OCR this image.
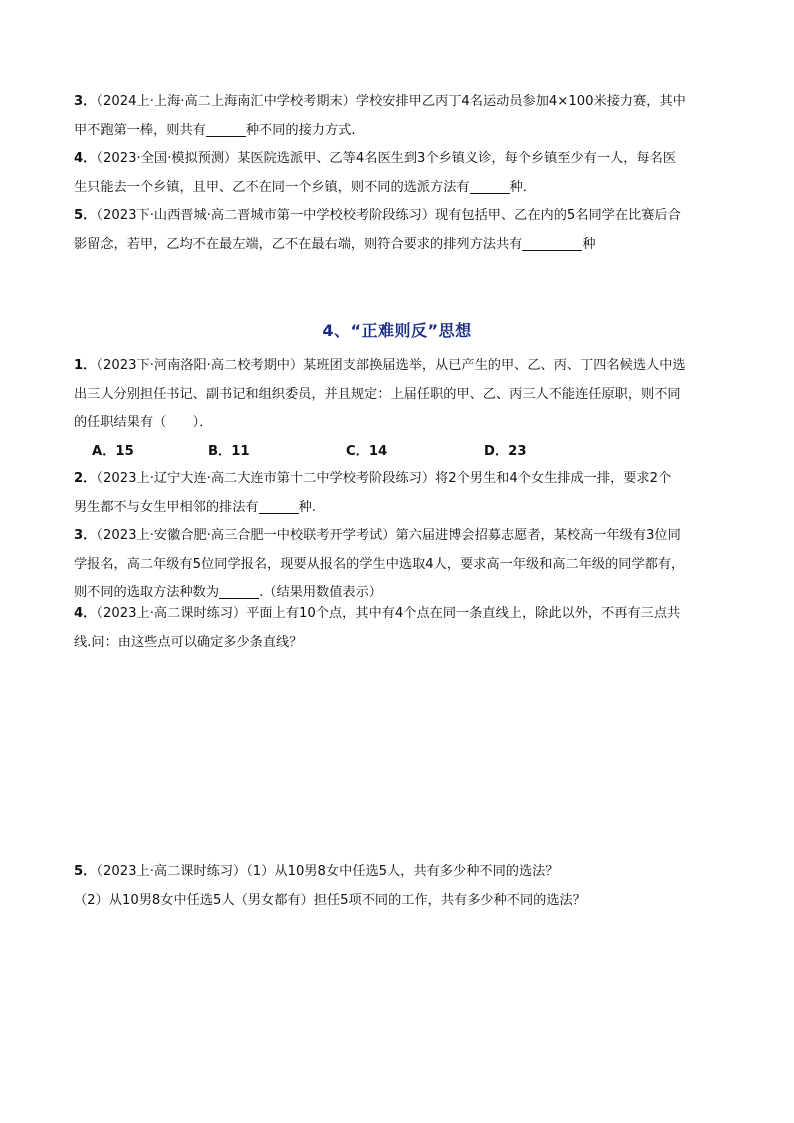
3．（2024上·上海·高二上海南汇中学校考期末）学校安排甲乙丙丁4名运动员参加4×100米接力赛，其中
甲不跑第一棒，则共有	种不同的接力方式.
4．（2023·全国·模拟预测）某医院选派甲、乙等4名医生到3个乡镇义诊，每个乡镇至少有一人，每名医
生只能去一个乡镇，且甲、乙不在同一个乡镇，则不同的选派方法有	种．
5．（2023下·山西晋城·高二晋城市第一中学校校考阶段练习）现有包括甲、乙在内的5名同学在比赛后合
影留念，若甲，乙均不在最左端，乙不在最右端，则符合要求的排列方法共有	种
4、“正难则反”思想
1．（2023下·河南洛阳·高二校考期中）某班团支部换届选举，从已产生的甲、乙、丙、丁四名候选人中选
出三人分别担任书记、副书记和组织委员，并且规定：上届任职的甲、乙、丙三人不能连任原职，则不同
的任职结果有（　　）．
A．15	B．11	C．14	D．23
2．（2023上·辽宁大连·高二大连市第十二中学校考阶段练习）将2个男生和4个女生排成一排，要求2个
男生都不与女生甲相邻的排法有	种.
3．（2023上·安徽合肥·高三合肥一中校联考开学考试）第六届进博会招募志愿者，某校高一年级有3位同
学报名，高二年级有5位同学报名，现要从报名的学生中选取4人，要求高一年级和高二年级的同学都有，
则不同的选取方法种数为	.（结果用数值表示）
4．（2023上·高二课时练习）平面上有10个点，其中有4个点在同一条直线上，除此以外，不再有三点共
线.问：由这些点可以确定多少条直线？
5．（2023上·高二课时练习）（1）从10男8女中任选5人，共有多少种不同的选法？
（2）从10男8女中任选5人（男女都有）担任5项不同的工作，共有多少种不同的选法？
